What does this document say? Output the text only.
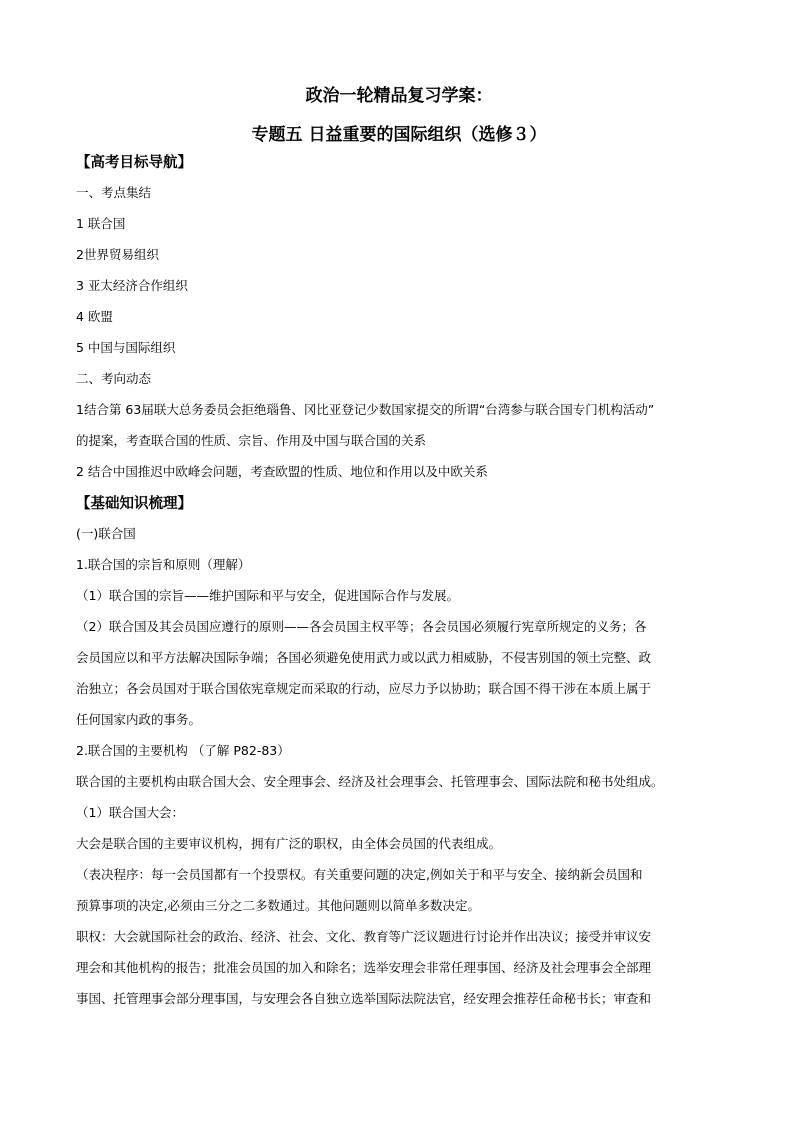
政治一轮精品复习学案：

专题五 日益重要的国际组织（选修３）

【高考目标导航】

一、考点集结

1 联合国

2世界贸易组织

3 亚太经济合作组织

4 欧盟

5 中国与国际组织

二、考向动态

1结合第 63届联大总务委员会拒绝瑙鲁、冈比亚登记少数国家提交的所谓“台湾参与联合国专门机构活动”
的提案，考查联合国的性质、宗旨、作用及中国与联合国的关系

2 结合中国推迟中欧峰会问题，考查欧盟的性质、地位和作用以及中欧关系

【基础知识梳理】

(一)联合国

1.联合国的宗旨和原则（理解）

（1）联合国的宗旨——维护国际和平与安全，促进国际合作与发展。

（2）联合国及其会员国应遵行的原则——各会员国主权平等；各会员国必须履行宪章所规定的义务；各
会员国应以和平方法解决国际争端；各国必须避免使用武力或以武力相威胁，不侵害别国的领土完整、政
治独立；各会员国对于联合国依宪章规定而采取的行动，应尽力予以协助；联合国不得干涉在本质上属于
任何国家内政的事务。

2.联合国的主要机构 （了解 P82-83）

联合国的主要机构由联合国大会、安全理事会、经济及社会理事会、托管理事会、国际法院和秘书处组成。

（1）联合国大会：

大会是联合国的主要审议机构，拥有广泛的职权，由全体会员国的代表组成。

（表决程序：每一会员国都有一个投票权。有关重要问题的决定,例如关于和平与安全、接纳新会员国和
预算事项的决定,必须由三分之二多数通过。其他问题则以简单多数决定。
职权：大会就国际社会的政治、经济、社会、文化、教育等广泛议题进行讨论并作出决议；接受并审议安
理会和其他机构的报告；批准会员国的加入和除名；选举安理会非常任理事国、经济及社会理事会全部理
事国、托管理事会部分理事国，与安理会各自独立选举国际法院法官，经安理会推荐任命秘书长；审查和
